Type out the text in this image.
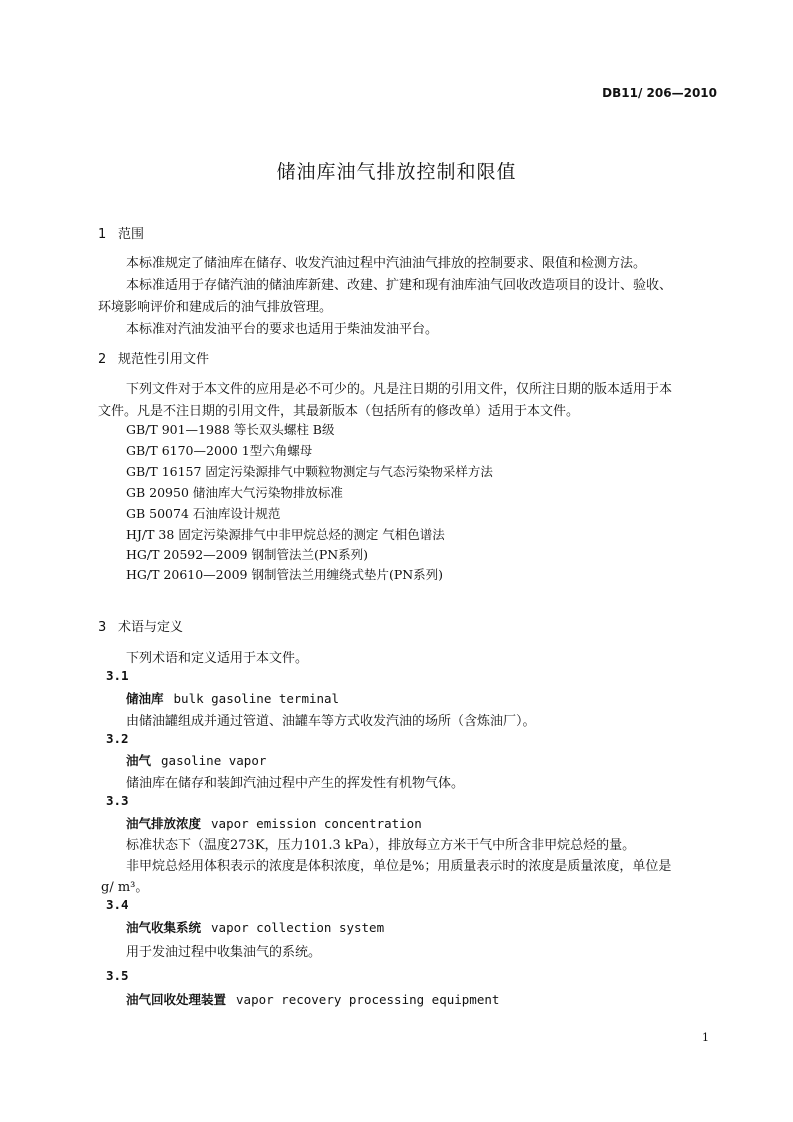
DB11/ 206—2010
储油库油气排放控制和限值
1 范围
本标准规定了储油库在储存、收发汽油过程中汽油油气排放的控制要求、限值和检测方法。
本标准适用于存储汽油的储油库新建、改建、扩建和现有油库油气回收改造项目的设计、验收、
环境影响评价和建成后的油气排放管理。
本标准对汽油发油平台的要求也适用于柴油发油平台。
2 规范性引用文件
下列文件对于本文件的应用是必不可少的。凡是注日期的引用文件，仅所注日期的版本适用于本
文件。凡是不注日期的引用文件，其最新版本（包括所有的修改单）适用于本文件。
GB/T 901—1988 等长双头螺柱 B级
GB/T 6170—2000 1型六角螺母
GB/T 16157 固定污染源排气中颗粒物测定与气态污染物采样方法
GB 20950 储油库大气污染物排放标准
GB 50074 石油库设计规范
HJ/T 38 固定污染源排气中非甲烷总烃的测定 气相色谱法
HG/T 20592—2009 钢制管法兰(PN系列)
HG/T 20610—2009 钢制管法兰用缠绕式垫片(PN系列)
3 术语与定义
下列术语和定义适用于本文件。
3.1
储油库 bulk gasoline terminal
由储油罐组成并通过管道、油罐车等方式收发汽油的场所（含炼油厂）。
3.2
油气 gasoline vapor
储油库在储存和装卸汽油过程中产生的挥发性有机物气体。
3.3
油气排放浓度 vapor emission concentration
标准状态下（温度273K，压力101.3 kPa），排放每立方米干气中所含非甲烷总烃的量。
非甲烷总烃用体积表示的浓度是体积浓度，单位是%；用质量表示时的浓度是质量浓度，单位是
g/ m³。
3.4
油气收集系统 vapor collection system
用于发油过程中收集油气的系统。
3.5
油气回收处理装置 vapor recovery processing equipment
1
